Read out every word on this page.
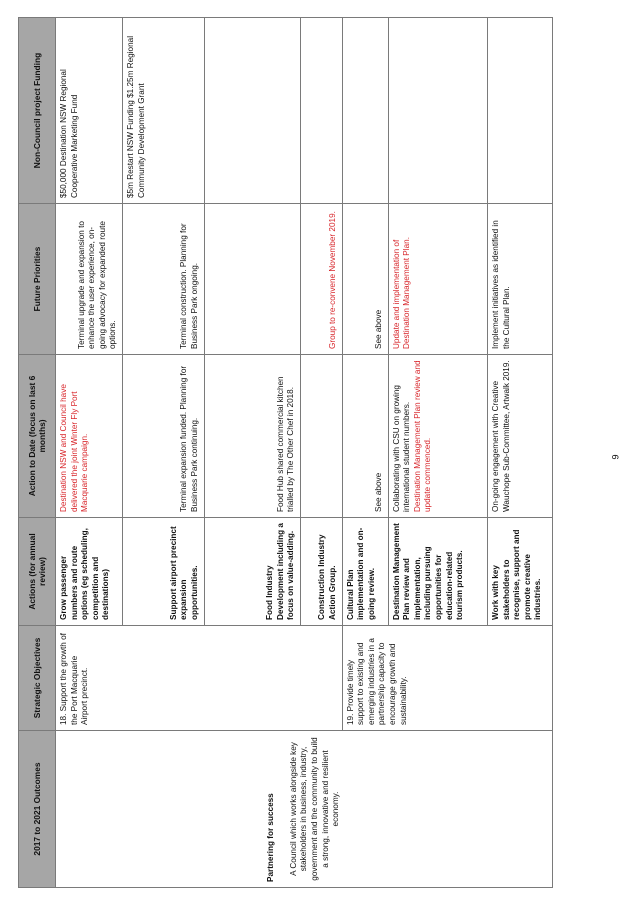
2017 to 2021 Outcomes	Strategic Objectives	Actions (for annual review)	Action to Date (focus on last 6 months)	Future Priorities	Non-Council project Funding

Partnering for success A Council which works alongside key stakeholders in business, industry, government and the community to build a strong, innovative and resilient economy.	18. Support the growth of the Port Macquarie Airport precinct.	Grow passenger numbers and route options (eg scheduling, competition and destinations)	Destination NSW and Council have delivered the joint Winter Fly Port Macquarie campaign.	Terminal upgrade and expansion to enhance the user experience, on-going advocacy for expanded route options.	$50,000 Destination NSW Regional Cooperative Marketing Fund
		Support airport precinct expansion opportunities.	Terminal expansion funded. Planning for Business Park continuing.	Terminal construction. Planning for Business Park ongoing.	$5m Restart NSW Funding $1.25m Regional Community Development Grant
		Food Industry Development including a focus on value-adding.	Food Hub shared commercial kitchen trialled by The Other Chef in 2018.		
		Construction Industry Action Group.		Group to re-convene November 2019.	
	19. Provide timely support to existing and emerging industries in a partnership capacity to encourage growth and sustainability.	Cultural Plan implementation and on-going review.	See above	See above	
		Destination Management Plan review and implementation, including pursuing opportunities for education-related tourism products.	Collaborating with CSU on growing international student numbers. Destination Management Plan review and update commenced.	Update and implementation of Destination Management Plan.	
		Work with key stakeholders to recognise, support and promote creative industries.	On-going engagement with Creative Wauchope Sub-Committee, Artwalk 2019.	Implement initiatives as identified in the Cultural Plan.	
9
